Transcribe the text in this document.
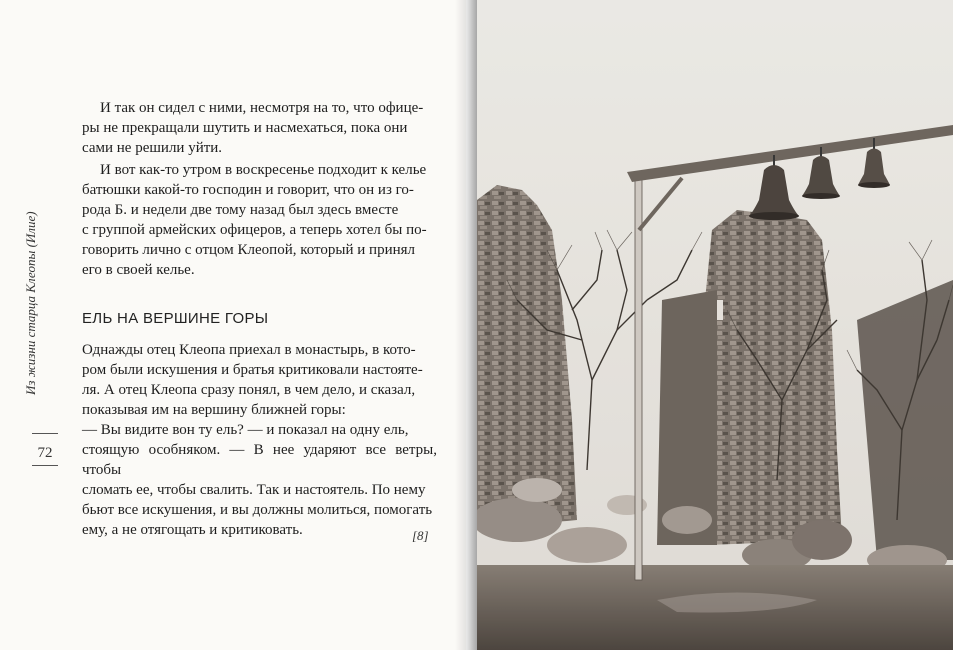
Из жизни старца Клеопы (Илие)
72

И так он сидел с ними, несмотря на то, что офице-

ры не прекращали шутить и насмехаться, пока они

сами не решили уйти.

И вот как-то утром в воскресенье подходит к келье

батюшки какой-то господин и говорит, что он из го-

рода Б. и недели две тому назад был здесь вместе

с группой армейских офицеров, а теперь хотел бы по-

говорить лично с отцом Клеопой, который и принял

его в своей келье.

ЕЛЬ НА ВЕРШИНЕ ГОРЫ

Однажды отец Клеопа приехал в монастырь, в кото-

ром были искушения и братья критиковали настояте-

ля. А отец Клеопа сразу понял, в чем дело, и сказал,

показывая им на вершину ближней горы:

— Вы видите вон ту ель? — и показал на одну ель,

стоящую особняком. — В нее ударяют все ветры, чтобы

сломать ее, чтобы свалить. Так и настоятель. По нему

бьют все искушения, и вы должны молиться, помогать

ему, а не отягощать и критиковать.	[8]
